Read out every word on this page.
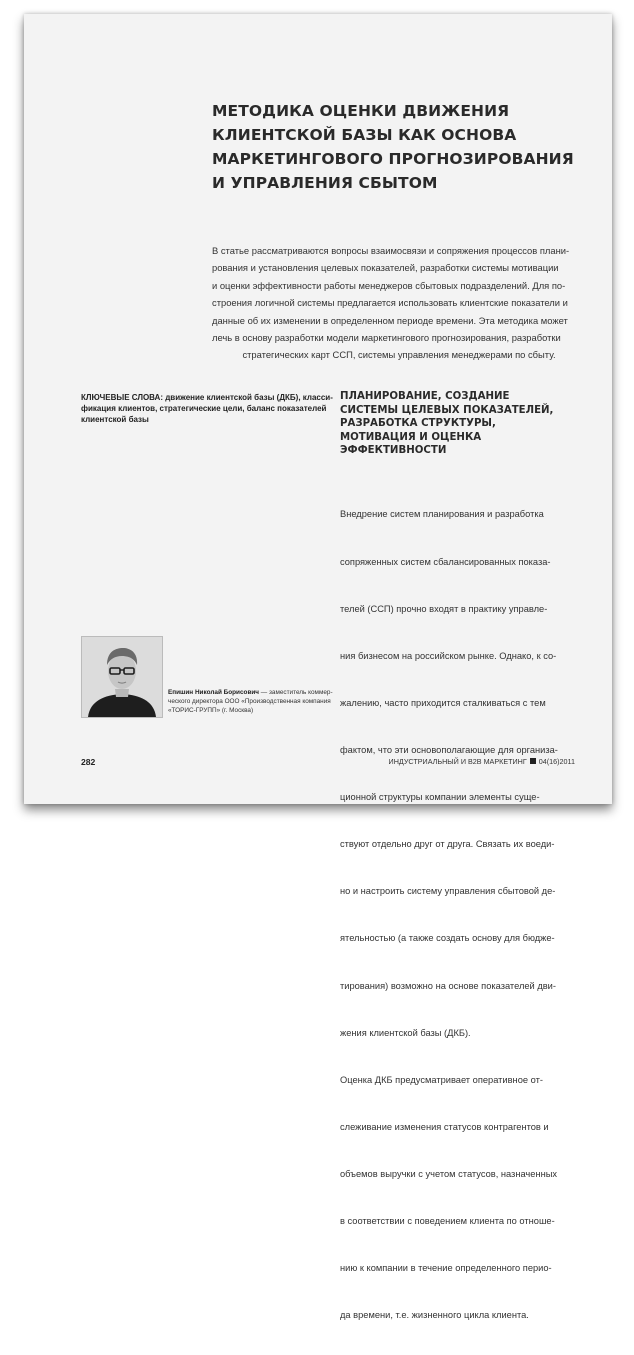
МЕТОДИКА ОЦЕНКИ ДВИЖЕНИЯ
КЛИЕНТСКОЙ БАЗЫ КАК ОСНОВА
МАРКЕТИНГОВОГО ПРОГНОЗИРОВАНИЯ
И УПРАВЛЕНИЯ СБЫТОМ
В статье рассматриваются вопросы взаимосвязи и сопряжения процессов плани-
рования и установления целевых показателей, разработки системы мотивации
и оценки эффективности работы менеджеров сбытовых подразделений. Для по-
строения логичной системы предлагается использовать клиентские показатели и
данные об их изменении в определенном периоде времени. Эта методика может
лечь в основу разработки модели маркетингового прогнозирования, разработки
стратегических карт ССП, системы управления менеджерами по сбыту.
КЛЮЧЕВЫЕ СЛОВА: движение клиентской базы (ДКБ), класси-
фикация клиентов, стратегические цели, баланс показателей
клиентской базы
ПЛАНИРОВАНИЕ, СОЗДАНИЕ
СИСТЕМЫ ЦЕЛЕВЫХ ПОКАЗАТЕЛЕЙ,
РАЗРАБОТКА СТРУКТУРЫ,
МОТИВАЦИЯ И ОЦЕНКА
ЭФФЕКТИВНОСТИ

Внедрение систем планирования и разработка

сопряженных систем сбалансированных показа-

телей (ССП) прочно входят в практику управле-

ния бизнесом на российском рынке. Однако, к со-

жалению, часто приходится сталкиваться с тем

фактом, что эти основополагающие для организа-

ционной структуры компании элементы суще-

ствуют отдельно друг от друга. Связать их воеди-

но и настроить систему управления сбытовой де-

ятельностью (а также создать основу для бюдже-

тирования) возможно на основе показателей дви-

жения клиентской базы (ДКБ).

Оценка ДКБ предусматривает оперативное от-

слеживание изменения статусов контрагентов и

объемов выручки с учетом статусов, назначенных

в соответствии с поведением клиента по отноше-

нию к компании в течение определенного перио-

да времени, т.е. жизненного цикла клиента.

Епишин Николай Борисович — заместитель коммер-
ческого директора ООО «Производственная компания
«ТОРИС-ГРУПП» (г. Москва)
282	ИНДУСТРИАЛЬНЫЙ И B2B МАРКЕТИНГ 04(16)2011
